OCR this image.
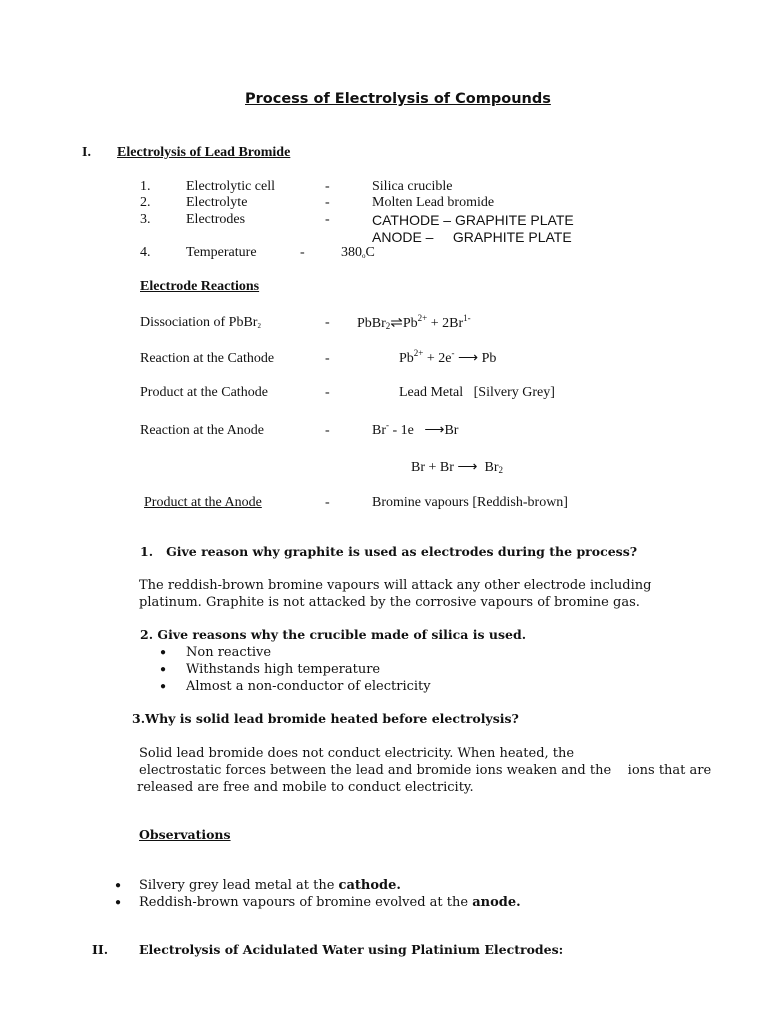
Process of Electrolysis of Compounds
I. Electrolysis of Lead Bromide
1.	Electrolytic cell	-	Silica crucible
2.	Electrolyte	-	Molten Lead bromide
3.	Electrodes	-	CATHODE – GRAPHITE PLATE
ANODE –     GRAPHITE PLATE
4.	Temperature	-	$380_oC$
Electrode Reactions
Dissociation of PbBr$_2$	- $PbBr_2\rightleftharpoons Pb^{2+} + 2Br^{1-}$
Reaction at the Cathode	-	$Pb^{2+} + 2e^-$ ⟶ Pb
Product at the Cathode	-	Lead Metal   [Silvery Grey]
Reaction at the Anode	-	Br- - 1e   ⟶Br
Br + Br ⟶  $Br_2$
Product at the Anode	-	Bromine vapours [Reddish-brown]
1.   Give reason why graphite is used as electrodes during the process?
The reddish-brown bromine vapours will attack any other electrode including
platinum. Graphite is not attacked by the corrosive vapours of bromine gas.
2. Give reasons why the crucible made of silica is used.
● Non reactive
● Withstands high temperature
● Almost a non-conductor of electricity
3.Why is solid lead bromide heated before electrolysis?
Solid lead bromide does not conduct electricity. When heated, the
electrostatic forces between the lead and bromide ions weaken and the    ions that are
released are free and mobile to conduct electricity.
Observations
● Silvery grey lead metal at the cathode.
● Reddish-brown vapours of bromine evolved at the anode.
II. Electrolysis of Acidulated Water using Platinium Electrodes:
